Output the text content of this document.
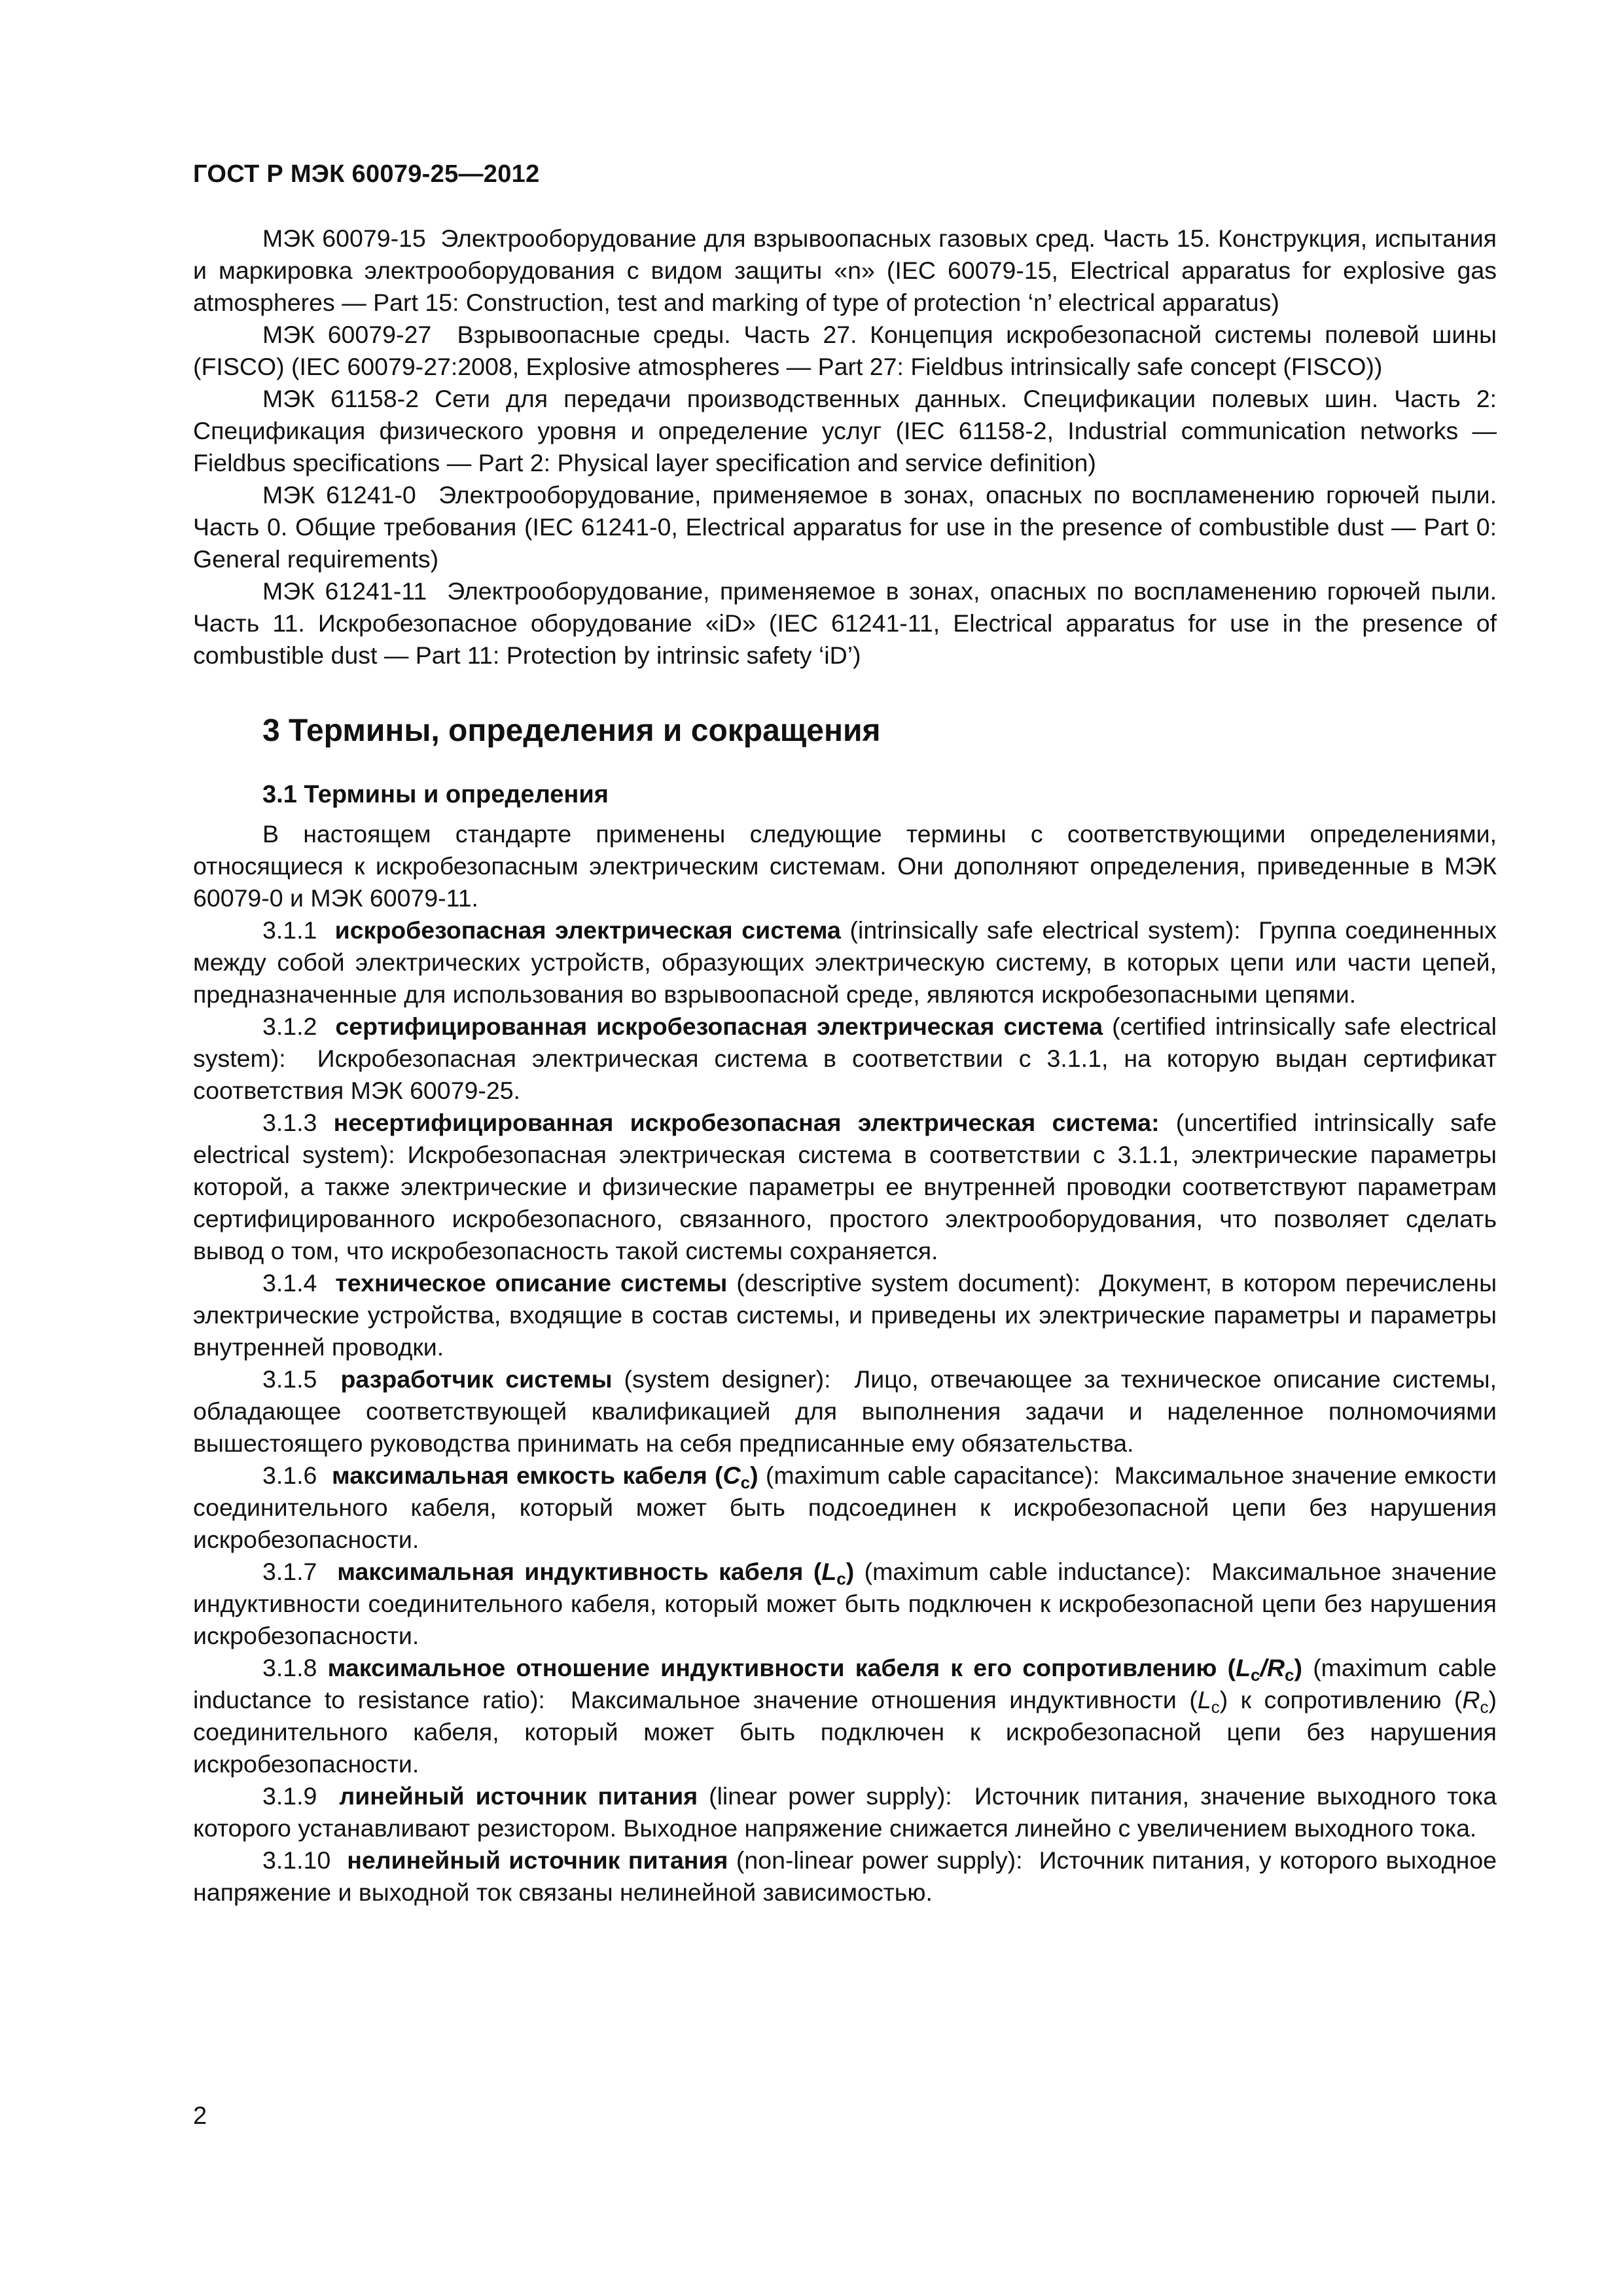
ГОСТ Р МЭК 60079-25—2012

МЭК 60079-15 Электрооборудование для взрывоопасных газовых сред. Часть 15. Конструкция, испытания и маркировка электрооборудования с видом защиты «n» (IEC 60079-15, Electrical apparatus for explosive gas atmospheres — Part 15: Construction, test and marking of type of protection ‘n’ electrical apparatus)

МЭК 60079-27 Взрывоопасные среды. Часть 27. Концепция искробезопасной системы полевой шины (FISCO) (IEC 60079-27:2008, Explosive atmospheres — Part 27: Fieldbus intrinsically safe concept (FISCO))

МЭК 61158-2 Сети для передачи производственных данных. Спецификации полевых шин. Часть 2: Спецификация физического уровня и определение услуг (IEC 61158-2, Industrial communication networks — Fieldbus specifications — Part 2: Physical layer specification and service definition)

МЭК 61241-0 Электрооборудование, применяемое в зонах, опасных по воспламенению горючей пыли. Часть 0. Общие требования (IEC 61241-0, Electrical apparatus for use in the presence of combustible dust — Part 0: General requirements)

МЭК 61241-11 Электрооборудование, применяемое в зонах, опасных по воспламенению горючей пыли. Часть 11. Искробезопасное оборудование «iD» (IEC 61241-11, Electrical apparatus for use in the presence of combustible dust — Part 11: Protection by intrinsic safety ‘iD’)

3 Термины, определения и сокращения
3.1 Термины и определения

В настоящем стандарте применены следующие термины с соответствующими определениями, относящиеся к искробезопасным электрическим системам. Они дополняют определения, приведенные в МЭК 60079-0 и МЭК 60079-11.

3.1.1 искробезопасная электрическая система (intrinsically safe electrical system): Группа соединенных между собой электрических устройств, образующих электрическую систему, в которых цепи или части цепей, предназначенные для использования во взрывоопасной среде, являются искробезопасными цепями.

3.1.2 сертифицированная искробезопасная электрическая система (certified intrinsically safe electrical system): Искробезопасная электрическая система в соответствии с 3.1.1, на которую выдан сертификат соответствия МЭК 60079-25.

3.1.3 несертифицированная искробезопасная электрическая система: (uncertified intrinsically safe electrical system): Искробезопасная электрическая система в соответствии с 3.1.1, электрические параметры которой, а также электрические и физические параметры ее внутренней проводки соответствуют параметрам сертифицированного искробезопасного, связанного, простого электрооборудования, что позволяет сделать вывод о том, что искробезопасность такой системы сохраняется.

3.1.4 техническое описание системы (descriptive system document): Документ, в котором перечислены электрические устройства, входящие в состав системы, и приведены их электрические параметры и параметры внутренней проводки.

3.1.5 разработчик системы (system designer): Лицо, отвечающее за техническое описание системы, обладающее соответствующей квалификацией для выполнения задачи и наделенное полномочиями вышестоящего руководства принимать на себя предписанные ему обязательства.

3.1.6 максимальная емкость кабеля $(C_c)$ (maximum cable capacitance): Максимальное значение емкости соединительного кабеля, который может быть подсоединен к искробезопасной цепи без нарушения искробезопасности.

3.1.7 максимальная индуктивность кабеля $(L_c)$ (maximum cable inductance): Максимальное значение индуктивности соединительного кабеля, который может быть подключен к искробезопасной цепи без нарушения искробезопасности.

3.1.8 максимальное отношение индуктивности кабеля к его сопротивлению $(L_c/R_c)$ (maximum cable inductance to resistance ratio): Максимальное значение отношения индуктивности $(L_c)$ к сопротивлению $(R_c)$ соединительного кабеля, который может быть подключен к искробезопасной цепи без нарушения искробезопасности.

3.1.9 линейный источник питания (linear power supply): Источник питания, значение выходного тока которого устанавливают резистором. Выходное напряжение снижается линейно с увеличением выходного тока.

3.1.10 нелинейный источник питания (non-linear power supply): Источник питания, у которого выходное напряжение и выходной ток связаны нелинейной зависимостью.

2
